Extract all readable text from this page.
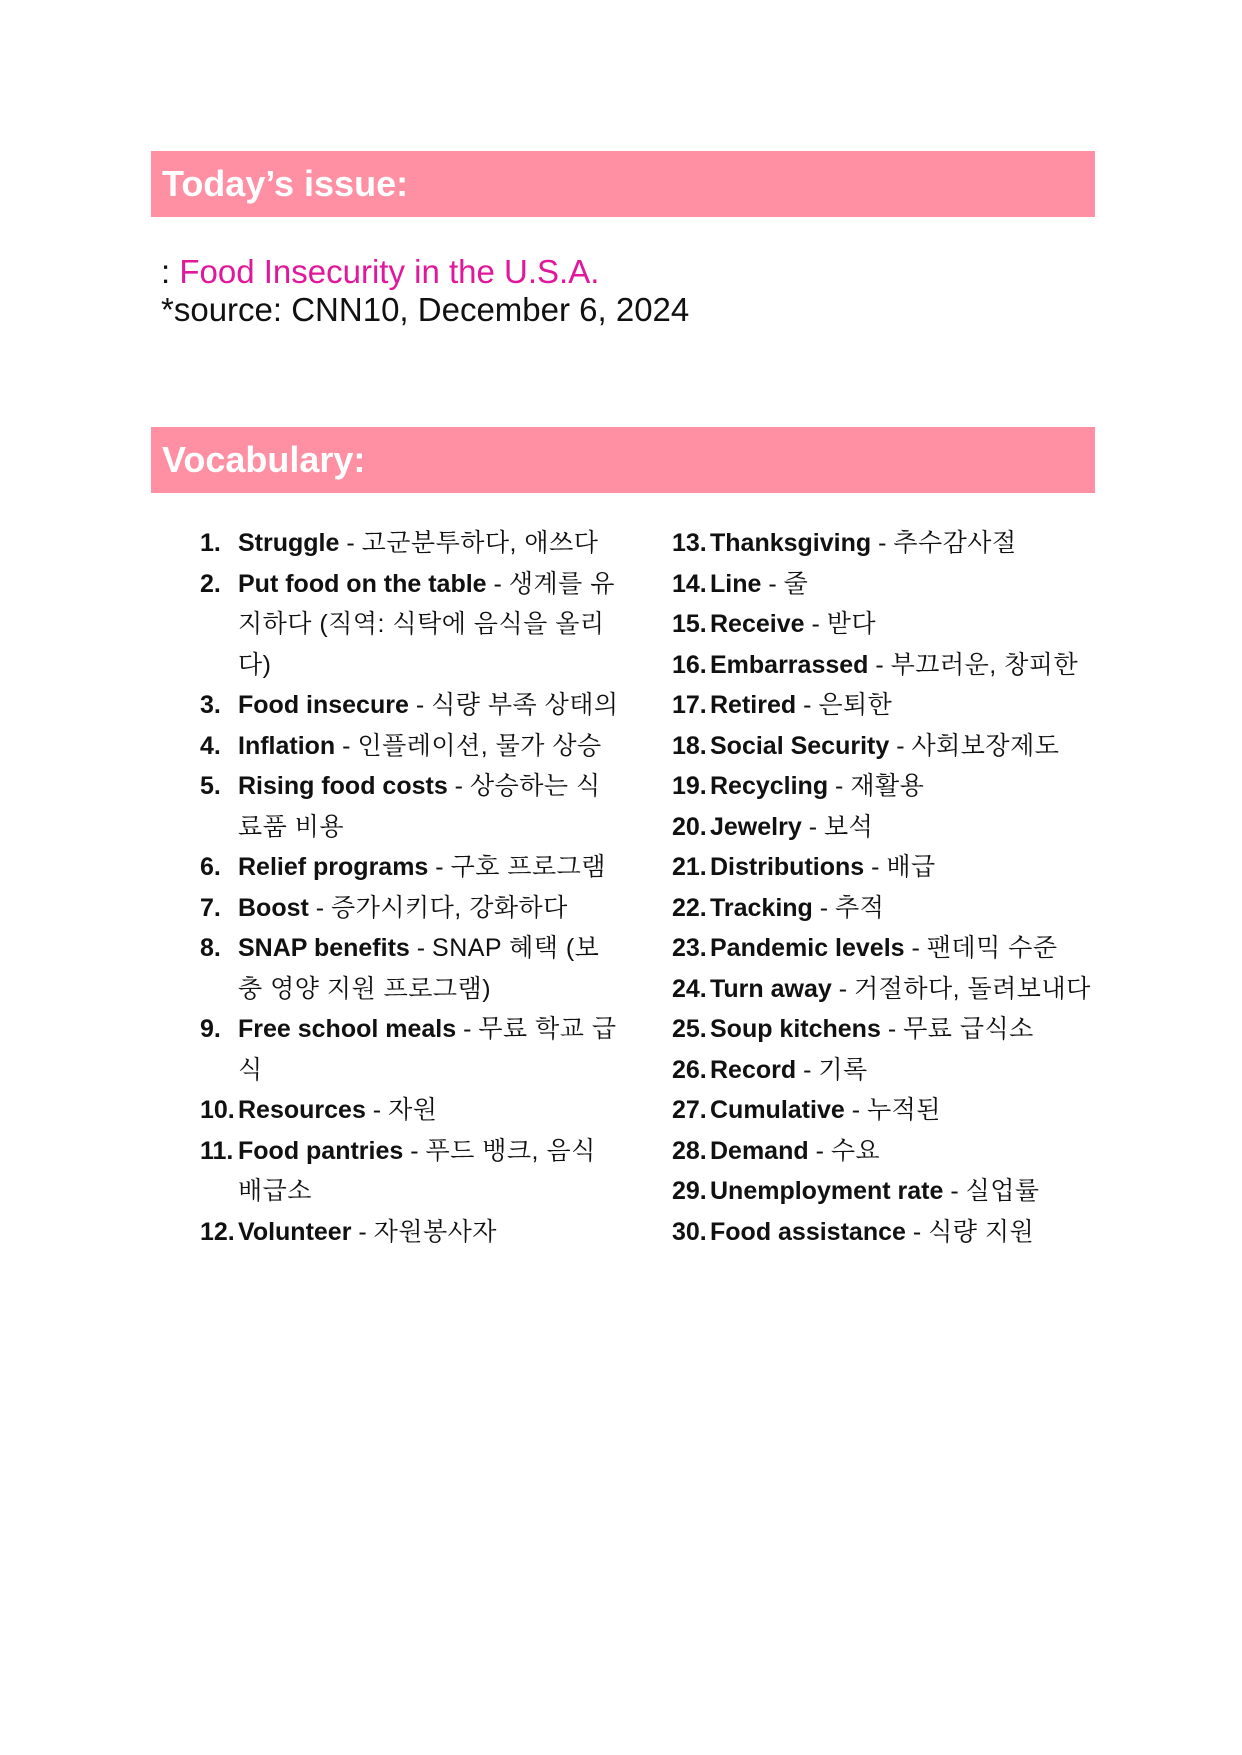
Today’s issue:
: Food Insecurity in the U.S.A.
*source: CNN10, December 6, 2024
Vocabulary:
1. Struggle - 고군분투하다, 애쓰다
2. Put food on the table - 생계를 유지하다 (직역: 식탁에 음식을 올리다)
3. Food insecure - 식량 부족 상태의
4. Inflation - 인플레이션, 물가 상승
5. Rising food costs - 상승하는 식료품 비용
6. Relief programs - 구호 프로그램
7. Boost - 증가시키다, 강화하다
8. SNAP benefits - SNAP 혜택 (보충 영양 지원 프로그램)
9. Free school meals - 무료 학교 급식
10. Resources - 자원
11. Food pantries - 푸드 뱅크, 음식 배급소
12. Volunteer - 자원봉사자
13. Thanksgiving - 추수감사절
14. Line - 줄
15. Receive - 받다
16. Embarrassed - 부끄러운, 창피한
17. Retired - 은퇴한
18. Social Security - 사회보장제도
19. Recycling - 재활용
20. Jewelry - 보석
21. Distributions - 배급
22. Tracking - 추적
23. Pandemic levels - 팬데믹 수준
24. Turn away - 거절하다, 돌려보내다
25. Soup kitchens - 무료 급식소
26. Record - 기록
27. Cumulative - 누적된
28. Demand - 수요
29. Unemployment rate - 실업률
30. Food assistance - 식량 지원
